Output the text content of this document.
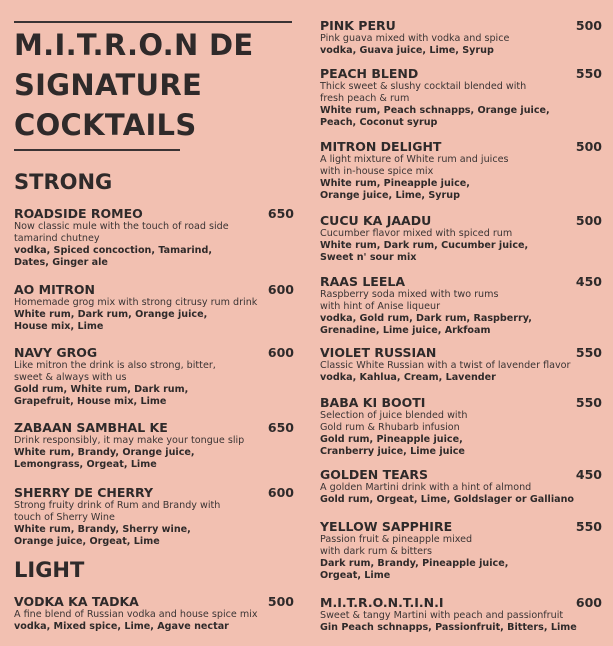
M.I.T.R.O.N DE
SIGNATURE
COCKTAILS
STRONG
LIGHT
ROADSIDE ROMEO	650
Now classic mule with the touch of road side
tamarind chutney
vodka, Spiced concoction, Tamarind,
Dates, Ginger ale
AO MITRON	600
Homemade grog mix with strong citrusy rum drink
White rum, Dark rum, Orange juice,
House mix, Lime
NAVY GROG	600
Like mitron the drink is also strong, bitter,
sweet & always with us
Gold rum, White rum, Dark rum,
Grapefruit, House mix, Lime
ZABAAN SAMBHAL KE	650
Drink responsibly, it may make your tongue slip
White rum, Brandy, Orange juice,
Lemongrass, Orgeat, Lime
SHERRY DE CHERRY	600
Strong fruity drink of Rum and Brandy with
touch of Sherry Wine
White rum, Brandy, Sherry wine,
Orange juice, Orgeat, Lime
VODKA KA TADKA	500
A fine blend of Russian vodka and house spice mix
vodka, Mixed spice, Lime, Agave nectar
PINK PERU	500
Pink guava mixed with vodka and spice
vodka, Guava juice, Lime, Syrup
PEACH BLEND	550
Thick sweet & slushy cocktail blended with
fresh peach & rum
White rum, Peach schnapps, Orange juice,
Peach, Coconut syrup
MITRON DELIGHT	500
A light mixture of White rum and juices
with in-house spice mix
White rum, Pineapple juice,
Orange juice, Lime, Syrup
CUCU KA JAADU	500
Cucumber flavor mixed with spiced rum
White rum, Dark rum, Cucumber juice,
Sweet n' sour mix
RAAS LEELA	450
Raspberry soda mixed with two rums
with hint of Anise liqueur
vodka, Gold rum, Dark rum, Raspberry,
Grenadine, Lime juice, Arkfoam
VIOLET RUSSIAN	550
Classic White Russian with a twist of lavender flavor
vodka, Kahlua, Cream, Lavender
BABA KI BOOTI	550
Selection of juice blended with
Gold rum & Rhubarb infusion
Gold rum, Pineapple juice,
Cranberry juice, Lime juice
GOLDEN TEARS	450
A golden Martini drink with a hint of almond
Gold rum, Orgeat, Lime, Goldslager or Galliano
YELLOW SAPPHIRE	550
Passion fruit & pineapple mixed
with dark rum & bitters
Dark rum, Brandy, Pineapple juice,
Orgeat, Lime
M.I.T.R.O.N.T.I.N.I	600
Sweet & tangy Martini with peach and passionfruit
Gin Peach schnapps, Passionfruit, Bitters, Lime
